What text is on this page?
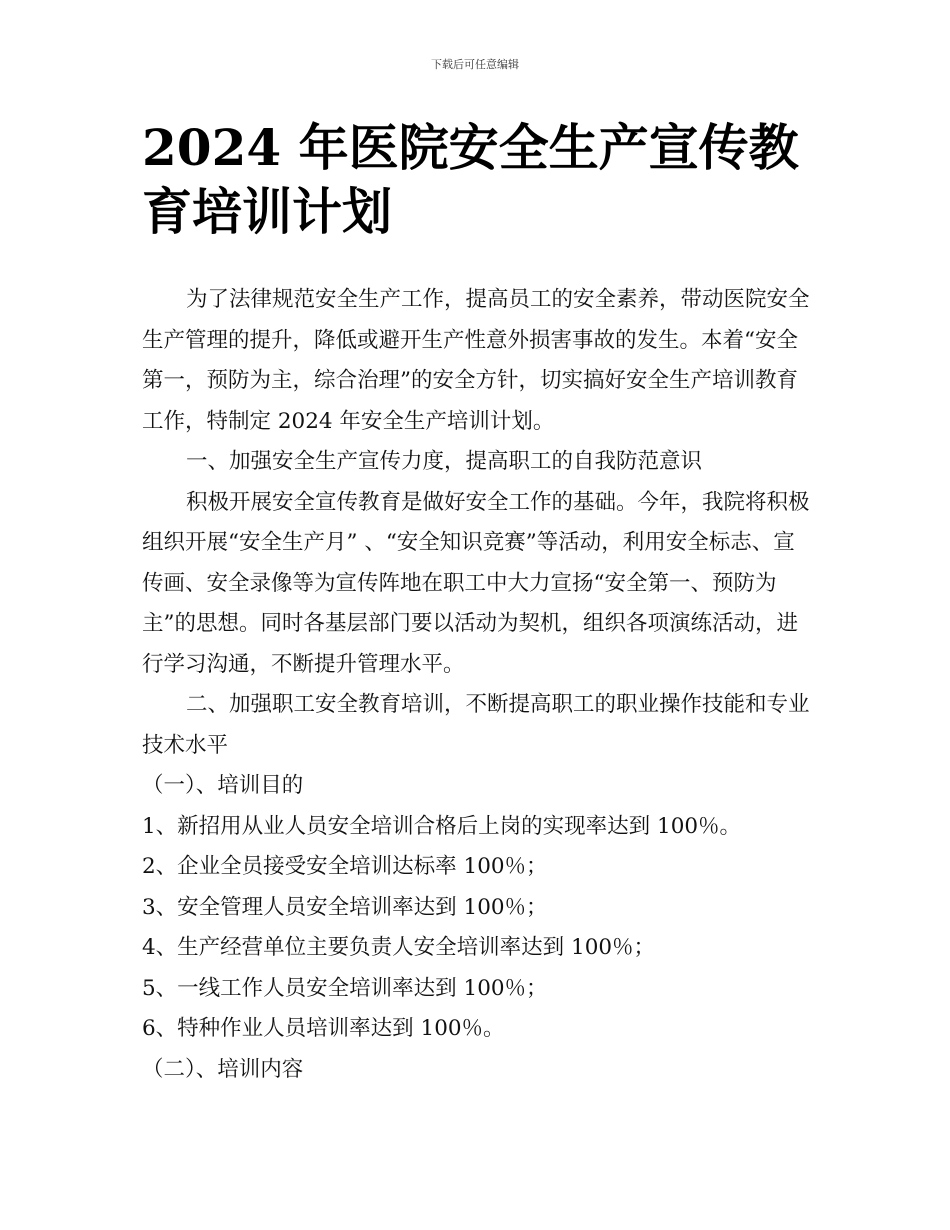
下载后可任意编辑
2024 年医院安全生产宣传教育培训计划

为了法律规范安全生产工作，提高员工的安全素养，带动医院安全生产管理的提升，降低或避开生产性意外损害事故的发生。本着“安全第一，预防为主，综合治理”的安全方针，切实搞好安全生产培训教育工作，特制定 2024 年安全生产培训计划。

一、加强安全生产宣传力度，提高职工的自我防范意识

积极开展安全宣传教育是做好安全工作的基础。今年，我院将积极组织开展“安全生产月” 、“安全知识竞赛”等活动，利用安全标志、宣传画、安全录像等为宣传阵地在职工中大力宣扬“安全第一、预防为主”的思想。同时各基层部门要以活动为契机，组织各项演练活动，进行学习沟通，不断提升管理水平。

二、加强职工安全教育培训，不断提高职工的职业操作技能和专业技术水平

（一）、培训目的

1、新招用从业人员安全培训合格后上岗的实现率达到 100％。

2、企业全员接受安全培训达标率 100％；

3、安全管理人员安全培训率达到 100％；

4、生产经营单位主要负责人安全培训率达到 100％；

5、一线工作人员安全培训率达到 100％；

6、特种作业人员培训率达到 100％。

（二）、培训内容
